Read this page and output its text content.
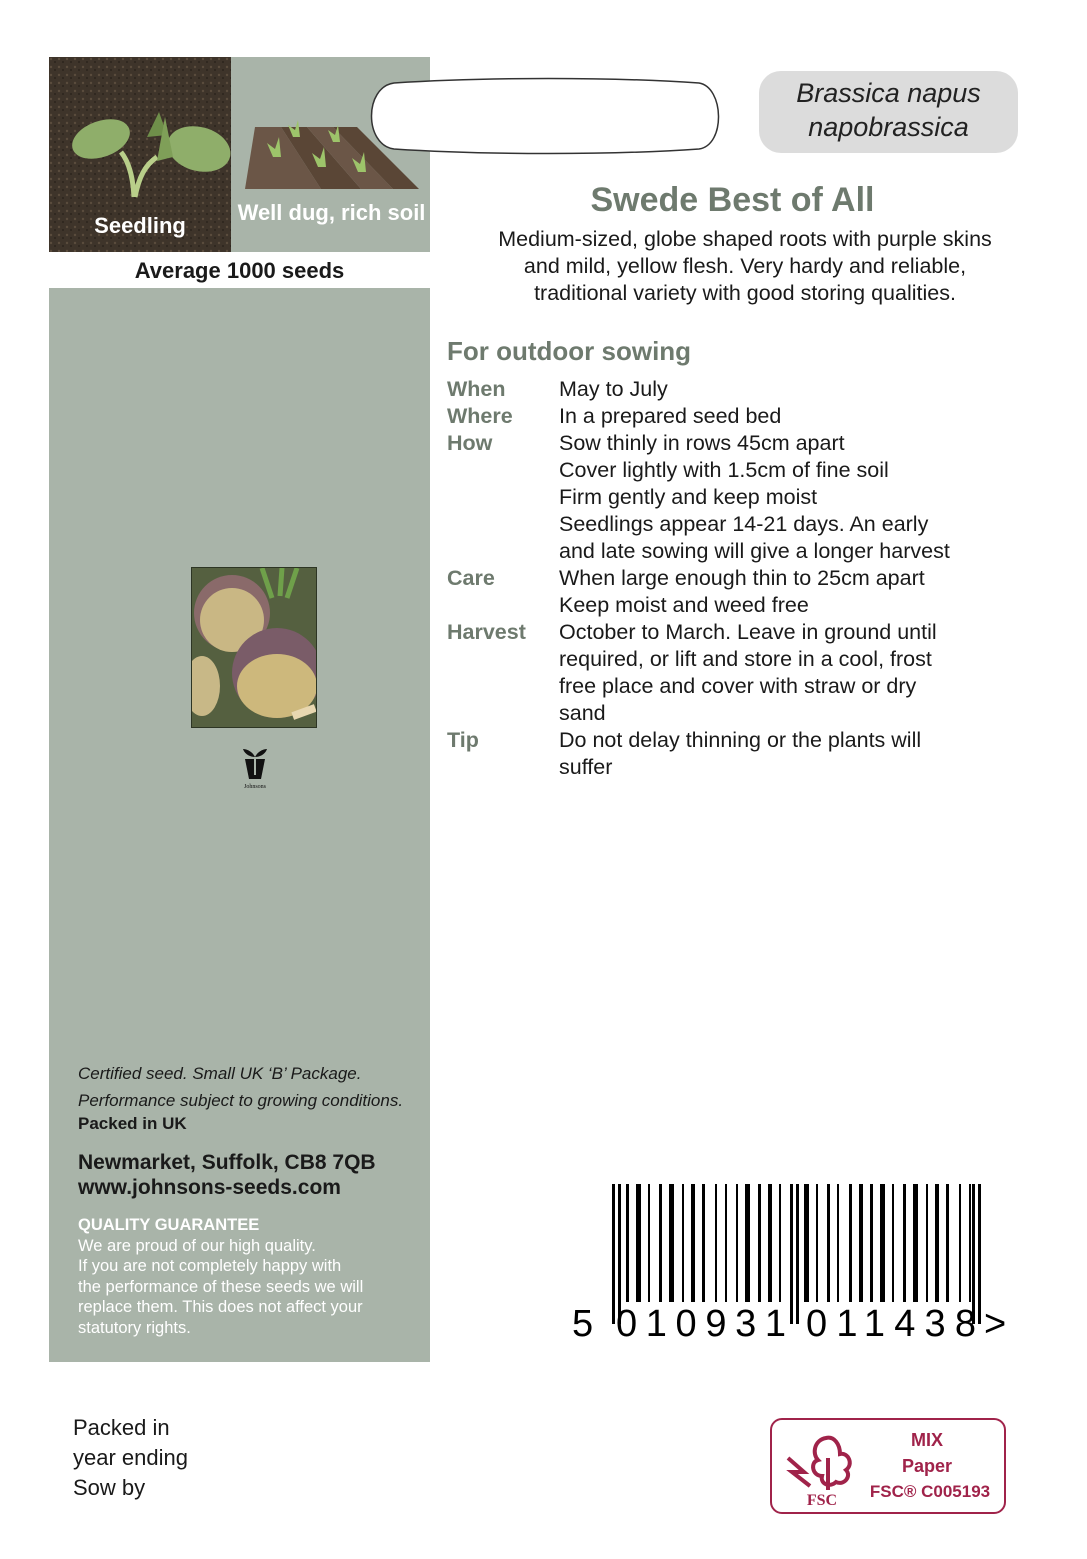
Seedling
Well dug, rich soil
Average 1000 seeds
Johnsons
Certified seed. Small UK ‘B’ Package.
Performance subject to growing conditions.
Packed in UK
Newmarket, Suffolk, CB8 7QB
www.johnsons-seeds.com
QUALITY GUARANTEE
We are proud of our high quality.
If you are not completely happy with
the performance of these seeds we will
replace them. This does not affect your
statutory rights.
Packed in
year ending
Sow by
Brassica napus
napobrassica
Swede Best of All
Medium-sized, globe shaped roots with purple skins
and mild, yellow flesh. Very hardy and reliable,
traditional variety with good storing qualities.
For outdoor sowing
When	May to July
Where	In a prepared seed bed
How	Sow thinly in rows 45cm apart
Cover lightly with 1.5cm of fine soil
Firm gently and keep moist
Seedlings appear 14-21 days. An early
and late sowing will give a longer harvest
Care	When large enough thin to 25cm apart
Keep moist and weed free
Harvest	October to March. Leave in ground until
required, or lift and store in a cool, frost
free place and cover with straw or dry
sand
Tip	Do not delay thinning or the plants will
suffer
5 010931 011438 >
FSC
MIX
Paper
FSC® C005193
